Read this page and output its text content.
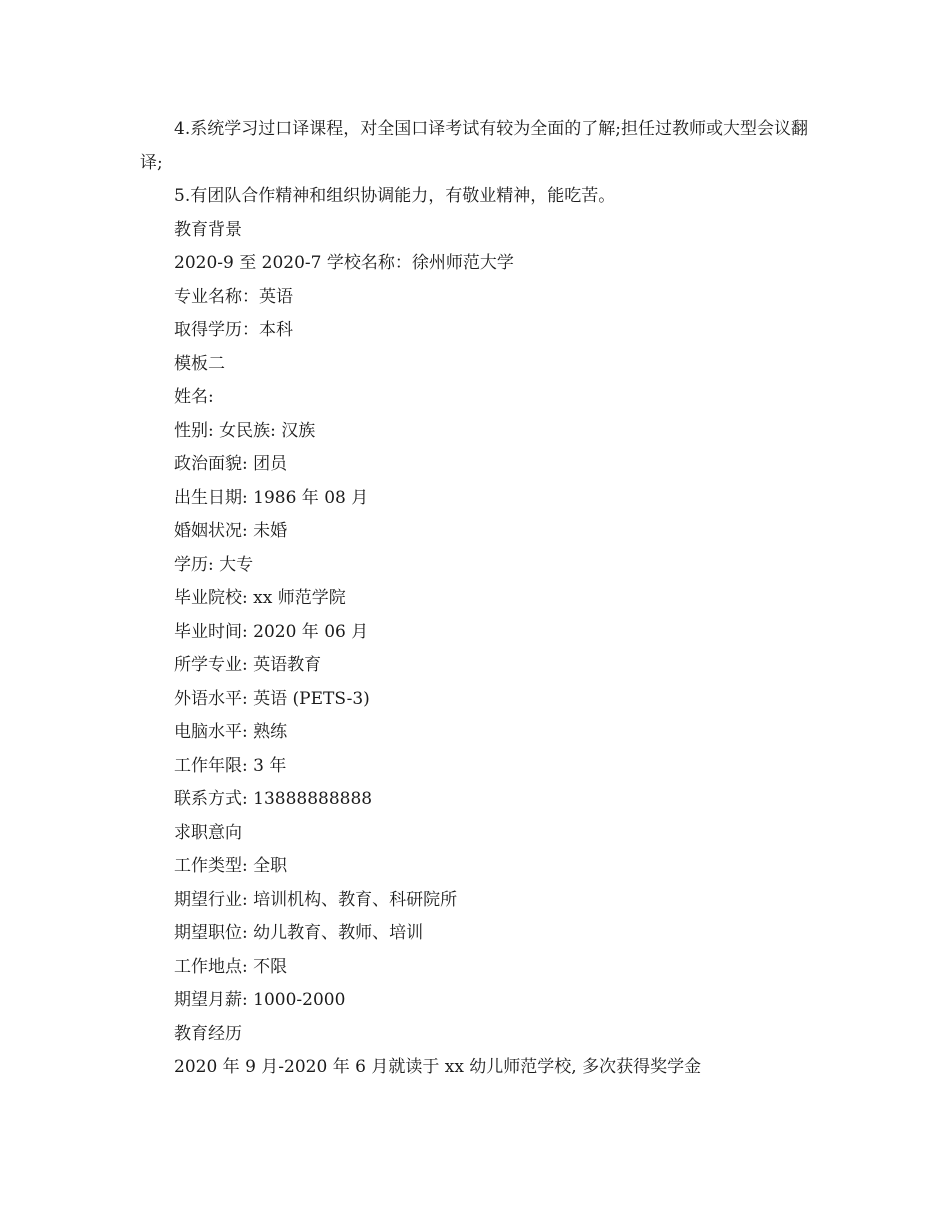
4.系统学习过口译课程，对全国口译考试有较为全面的了解;担任过教师或大型会议翻译;

5.有团队合作精神和组织协调能力，有敬业精神，能吃苦。

教育背景

2020-9 至 2020-7 学校名称：徐州师范大学

专业名称：英语

取得学历：本科

模板二

姓名:

性别: 女民族: 汉族

政治面貌: 团员

出生日期: 1986 年 08 月

婚姻状况: 未婚

学历: 大专

毕业院校: xx 师范学院

毕业时间: 2020 年 06 月

所学专业: 英语教育

外语水平: 英语 (PETS-3)

电脑水平: 熟练

工作年限: 3 年

联系方式: 13888888888

求职意向

工作类型: 全职

期望行业: 培训机构、教育、科研院所

期望职位: 幼儿教育、教师、培训

工作地点: 不限

期望月薪: 1000-2000

教育经历

2020 年 9 月-2020 年 6 月就读于 xx 幼儿师范学校, 多次获得奖学金
